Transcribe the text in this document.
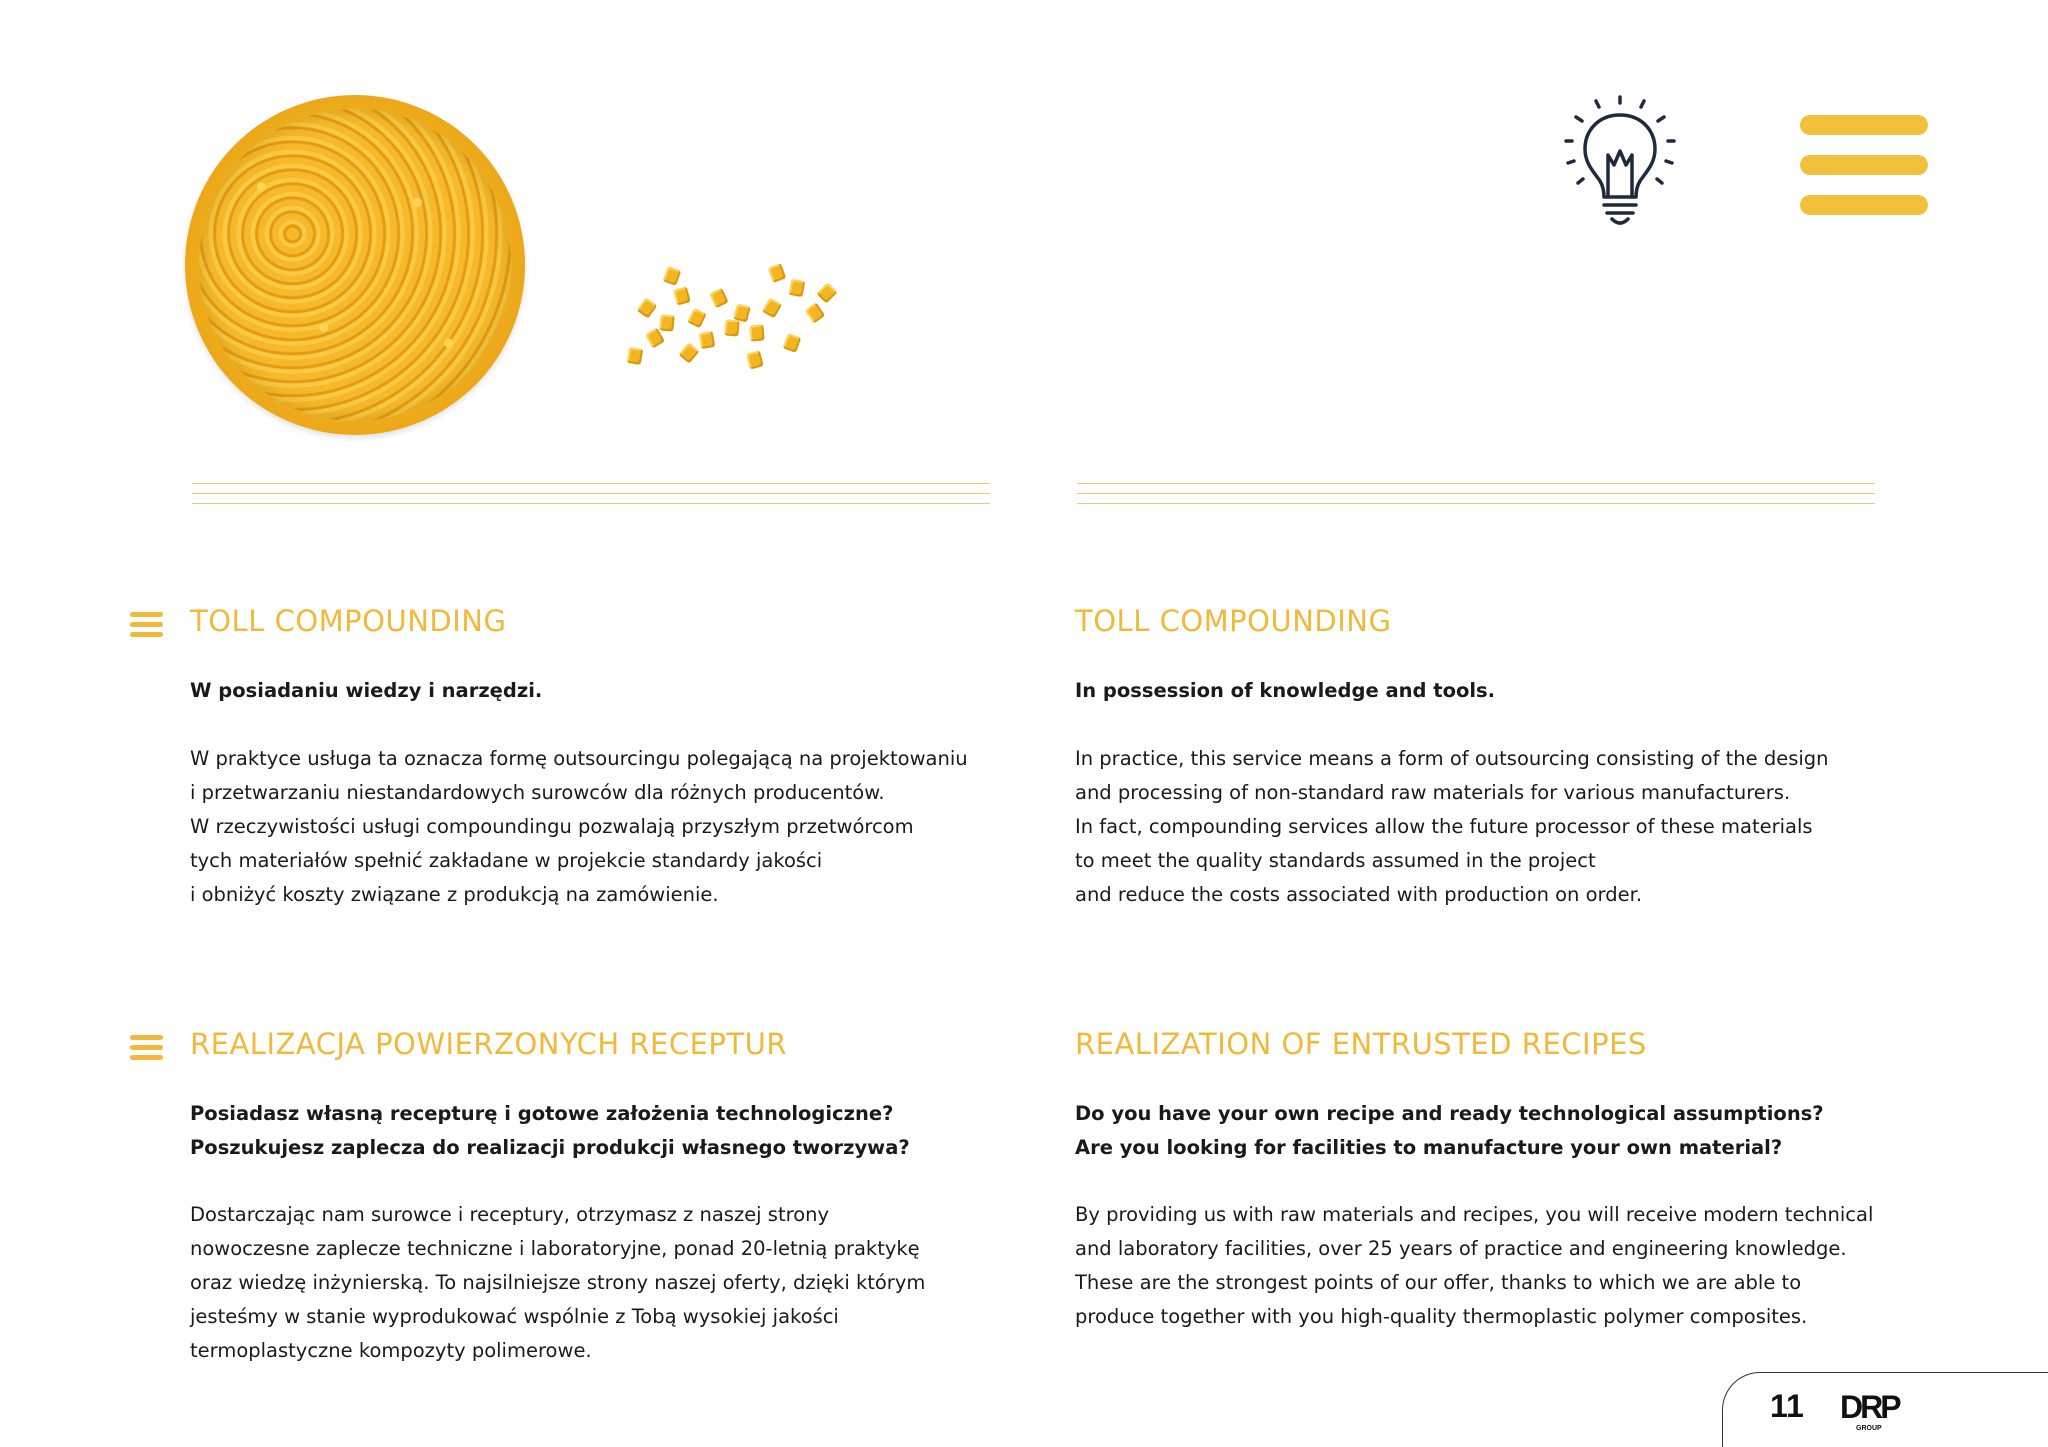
TOLL COMPOUNDING
W posiadaniu wiedzy i narzędzi.
W praktyce usługa ta oznacza formę outsourcingu polegającą na projektowaniu
i przetwarzaniu niestandardowych surowców dla różnych producentów.
W rzeczywistości usługi compoundingu pozwalają przyszłym przetwórcom
tych materiałów spełnić zakładane w projekcie standardy jakości
i obniżyć koszty związane z produkcją na zamówienie.
REALIZACJA POWIERZONYCH RECEPTUR
Posiadasz własną recepturę i gotowe założenia technologiczne?
Poszukujesz zaplecza do realizacji produkcji własnego tworzywa?
Dostarczając nam surowce i receptury, otrzymasz z naszej strony
nowoczesne zaplecze techniczne i laboratoryjne, ponad 20-letnią praktykę
oraz wiedzę inżynierską. To najsilniejsze strony naszej oferty, dzięki którym
jesteśmy w stanie wyprodukować wspólnie z Tobą wysokiej jakości
termoplastyczne kompozyty polimerowe.
TOLL COMPOUNDING
In possession of knowledge and tools.
In practice, this service means a form of outsourcing consisting of the design
and processing of non-standard raw materials for various manufacturers.
In fact, compounding services allow the future processor of these materials
to meet the quality standards assumed in the project
and reduce the costs associated with production on order.
REALIZATION OF ENTRUSTED RECIPES
Do you have your own recipe and ready technological assumptions?
Are you looking for facilities to manufacture your own material?
By providing us with raw materials and recipes, you will receive modern technical
and laboratory facilities, over 25 years of practice and engineering knowledge.
These are the strongest points of our offer, thanks to which we are able to
produce together with you high-quality thermoplastic polymer composites.
11 DRP
GROUP
